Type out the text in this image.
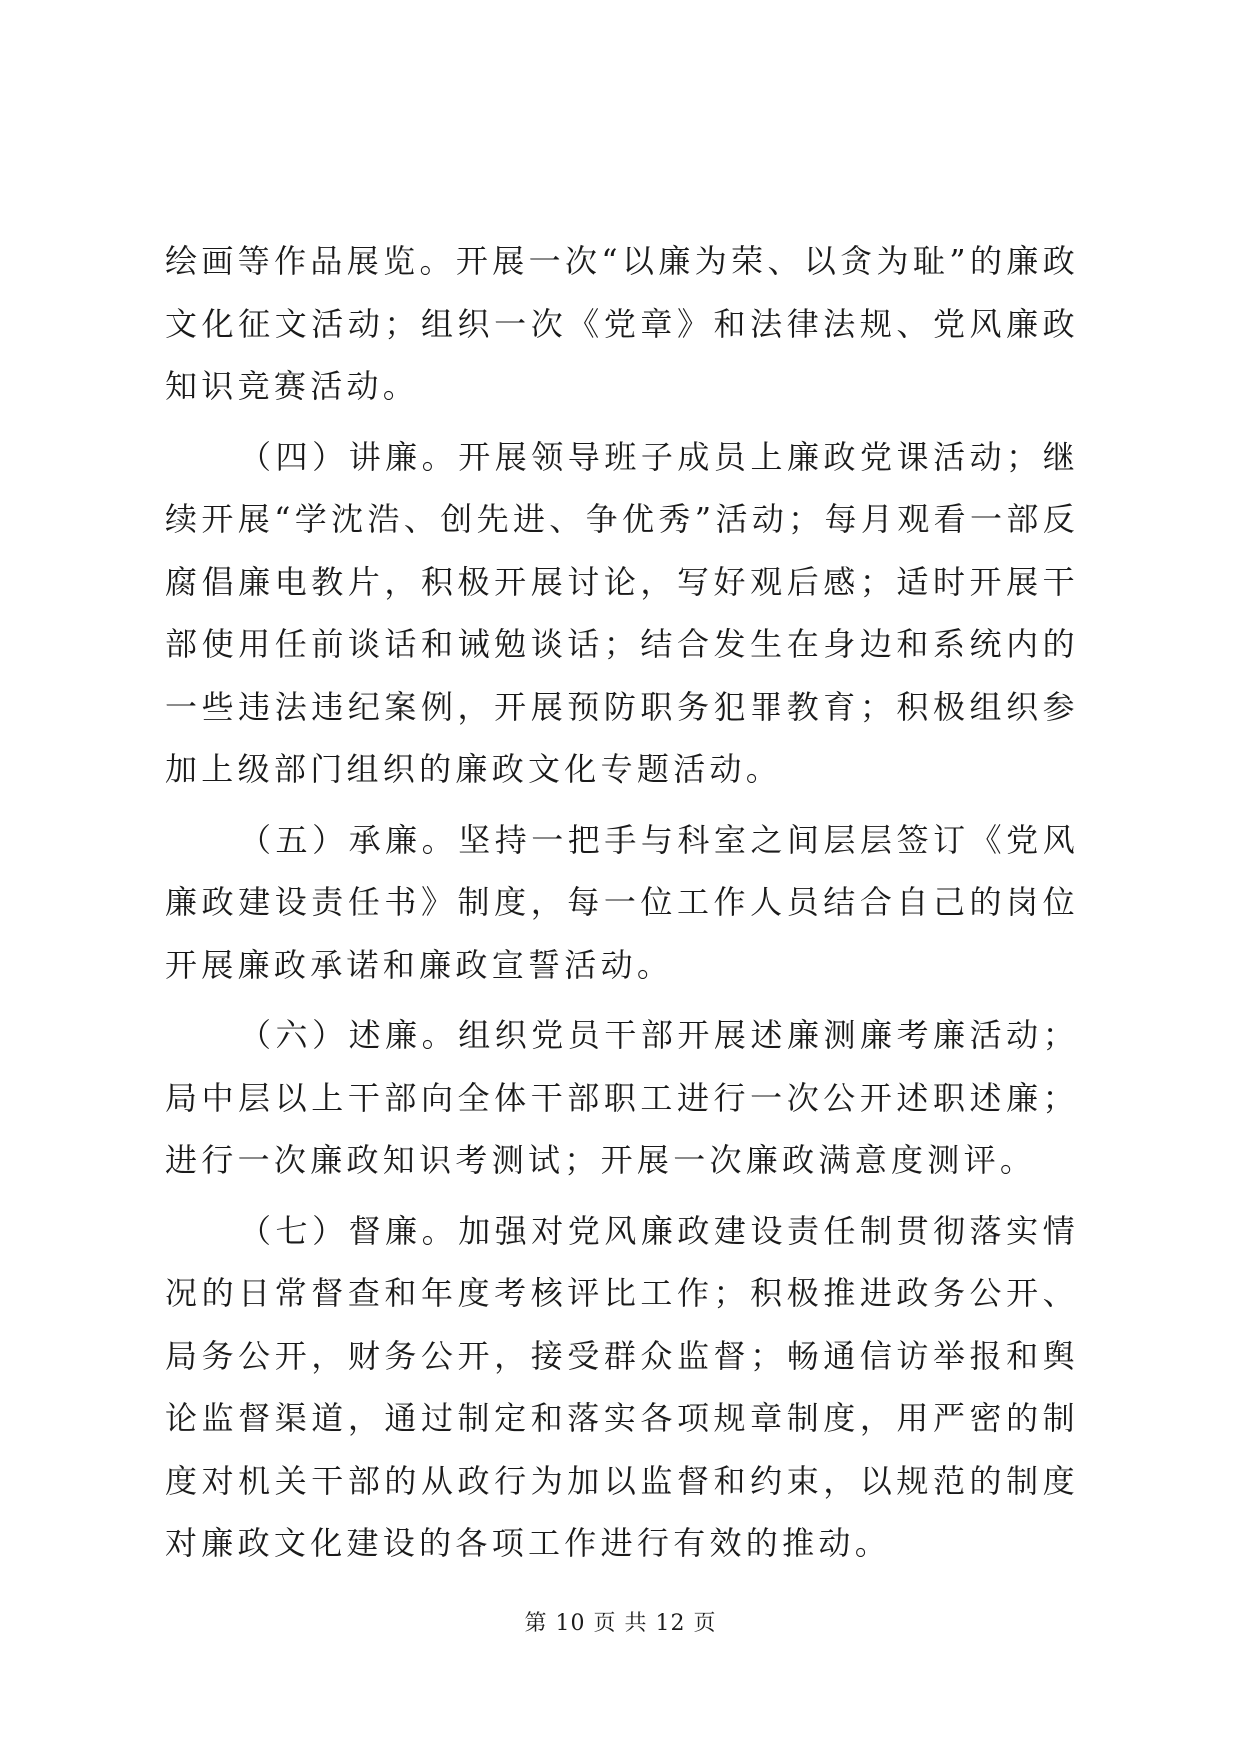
绘画等作品展览。开展一次“以廉为荣、以贪为耻”的廉政文化征文活动；组织一次《党章》和法律法规、党风廉政知识竞赛活动。

（四）讲廉。开展领导班子成员上廉政党课活动；继续开展“学沈浩、创先进、争优秀”活动；每月观看一部反腐倡廉电教片，积极开展讨论，写好观后感；适时开展干部使用任前谈话和诫勉谈话；结合发生在身边和系统内的一些违法违纪案例，开展预防职务犯罪教育；积极组织参加上级部门组织的廉政文化专题活动。

（五）承廉。坚持一把手与科室之间层层签订《党风廉政建设责任书》制度，每一位工作人员结合自己的岗位开展廉政承诺和廉政宣誓活动。

（六）述廉。组织党员干部开展述廉测廉考廉活动；局中层以上干部向全体干部职工进行一次公开述职述廉；进行一次廉政知识考测试；开展一次廉政满意度测评。

（七）督廉。加强对党风廉政建设责任制贯彻落实情况的日常督查和年度考核评比工作；积极推进政务公开、局务公开，财务公开，接受群众监督；畅通信访举报和舆论监督渠道，通过制定和落实各项规章制度，用严密的制度对机关干部的从政行为加以监督和约束，以规范的制度对廉政文化建设的各项工作进行有效的推动。

第 10 页 共 12 页
